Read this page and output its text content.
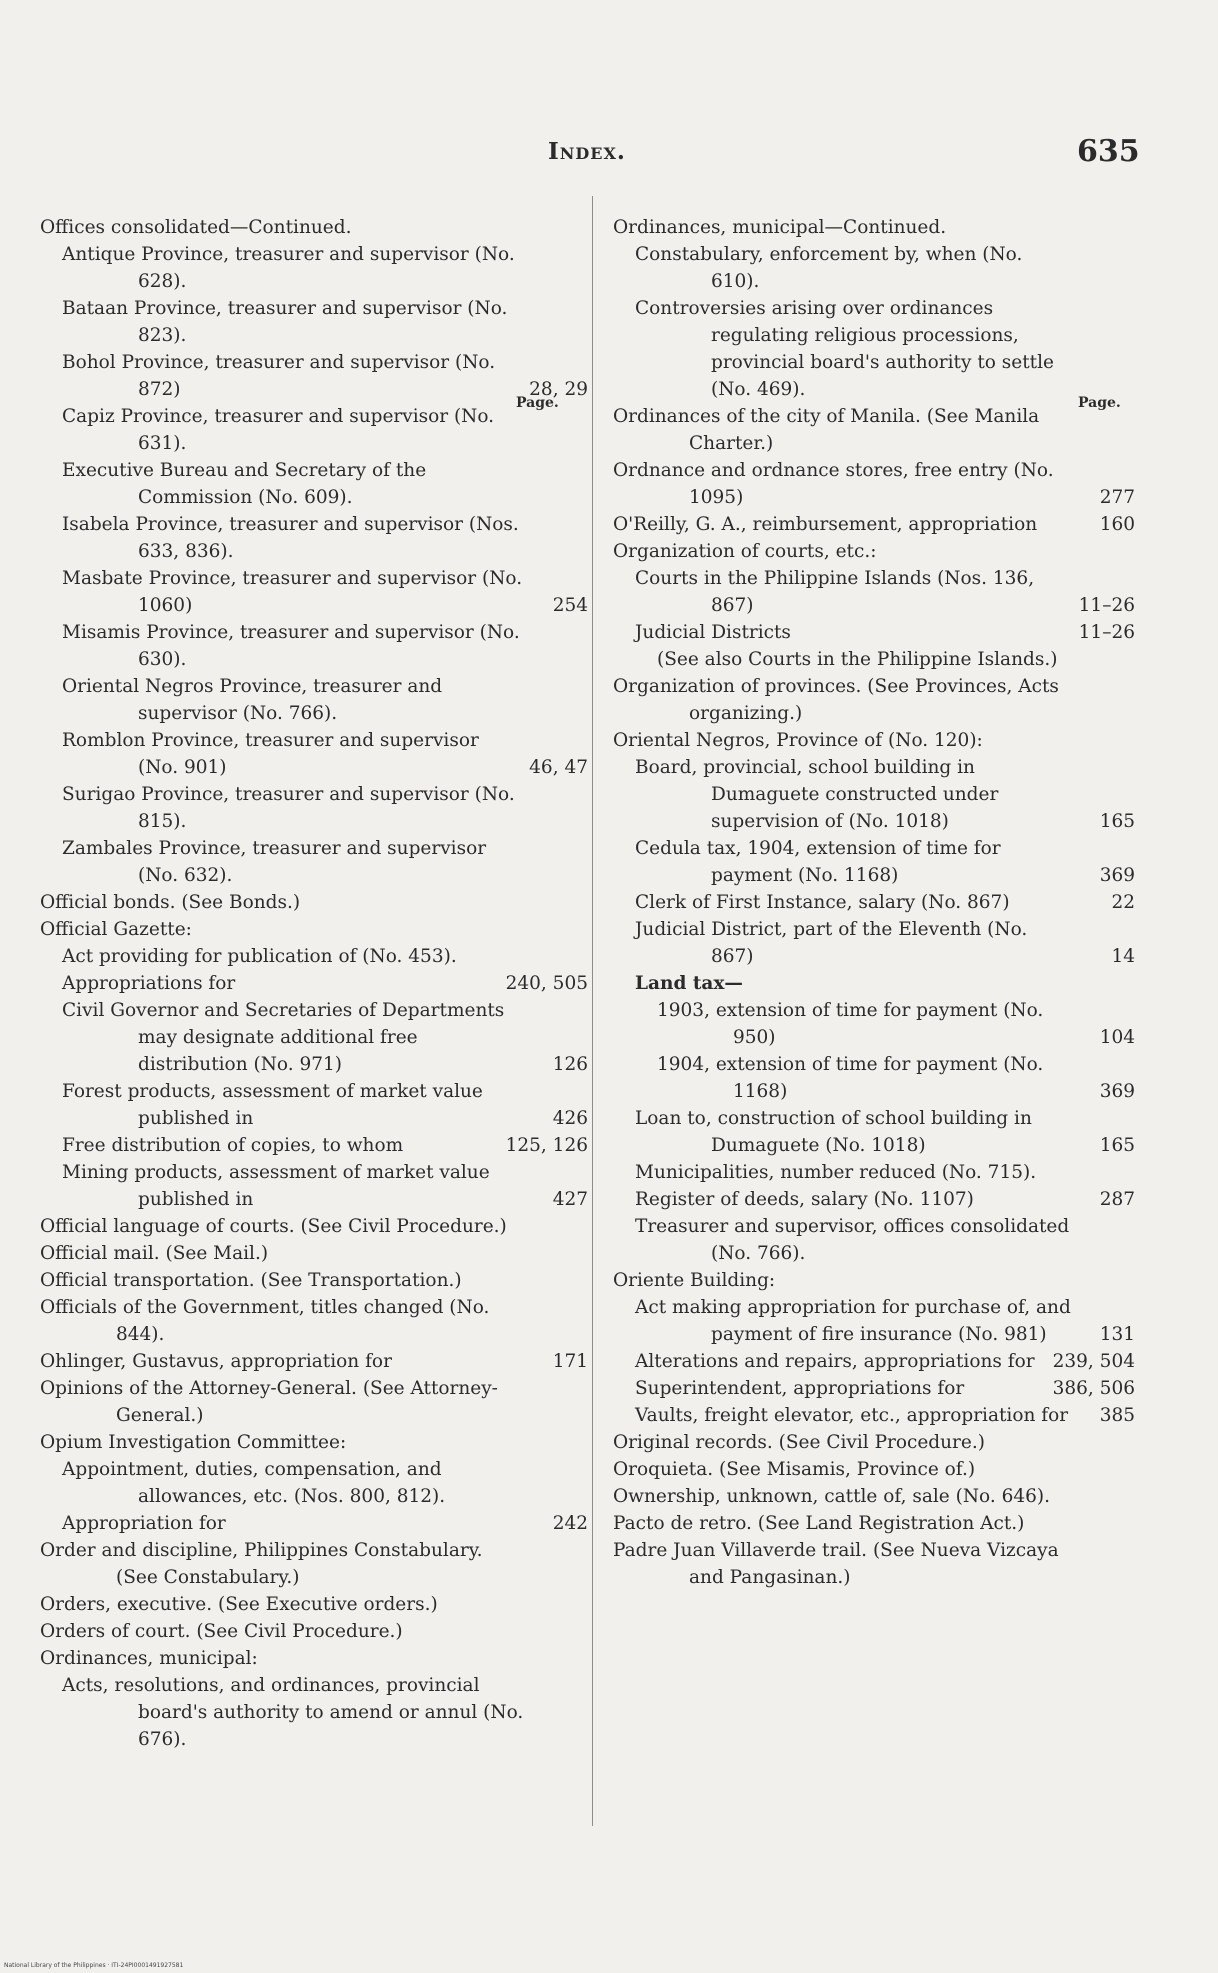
Index.	635
Page.
Offices consolidated—Continued.
Antique Province, treasurer and supervisor (No. 628).
Bataan Province, treasurer and supervisor (No. 823).
Bohol Province, treasurer and supervisor (No. 872)	28, 29
Capiz Province, treasurer and supervisor (No. 631).
Executive Bureau and Secretary of the Commission (No. 609).
Isabela Province, treasurer and supervisor (Nos. 633, 836).
Masbate Province, treasurer and supervisor (No. 1060)	254
Misamis Province, treasurer and supervisor (No. 630).
Oriental Negros Province, treasurer and supervisor (No. 766).
Romblon Province, treasurer and supervisor (No. 901)	46, 47
Surigao Province, treasurer and supervisor (No. 815).
Zambales Province, treasurer and supervisor (No. 632).
Official bonds. (See Bonds.)
Official Gazette:
Act providing for publication of (No. 453).
Appropriations for	240, 505
Civil Governor and Secretaries of Departments may designate additional free distribution (No. 971)	126
Forest products, assessment of market value published in	426
Free distribution of copies, to whom	125, 126
Mining products, assessment of market value published in	427
Official language of courts. (See Civil Procedure.)
Official mail. (See Mail.)
Official transportation. (See Transportation.)
Officials of the Government, titles changed (No. 844).
Ohlinger, Gustavus, appropriation for	171
Opinions of the Attorney-General. (See Attorney-General.)
Opium Investigation Committee:
Appointment, duties, compensation, and allowances, etc. (Nos. 800, 812).
Appropriation for	242
Order and discipline, Philippines Constabulary. (See Constabulary.)
Orders, executive. (See Executive orders.)
Orders of court. (See Civil Procedure.)
Ordinances, municipal:
Acts, resolutions, and ordinances, provincial board's authority to amend or annul (No. 676).
Page.
Ordinances, municipal—Continued.
Constabulary, enforcement by, when (No. 610).
Controversies arising over ordinances regulating religious processions, provincial board's authority to settle (No. 469).
Ordinances of the city of Manila. (See Manila Charter.)
Ordnance and ordnance stores, free entry (No. 1095)	277
O'Reilly, G. A., reimbursement, appropriation	160
Organization of courts, etc.:
Courts in the Philippine Islands (Nos. 136, 867)	11–26
Judicial Districts	11–26
(See also Courts in the Philippine Islands.)
Organization of provinces. (See Provinces, Acts organizing.)
Oriental Negros, Province of (No. 120):
Board, provincial, school building in Dumaguete constructed under supervision of (No. 1018)	165
Cedula tax, 1904, extension of time for payment (No. 1168)	369
Clerk of First Instance, salary (No. 867)	22
Judicial District, part of the Eleventh (No. 867)	14
Land tax—
1903, extension of time for payment (No. 950)	104
1904, extension of time for payment (No. 1168)	369
Loan to, construction of school building in Dumaguete (No. 1018)	165
Municipalities, number reduced (No. 715).
Register of deeds, salary (No. 1107)	287
Treasurer and supervisor, offices consolidated (No. 766).
Oriente Building:
Act making appropriation for purchase of, and payment of fire insurance (No. 981)	131
Alterations and repairs, appropriations for 239, 504
Superintendent, appropriations for	386, 506
Vaults, freight elevator, etc., appropriation for 385
Original records. (See Civil Procedure.)
Oroquieta. (See Misamis, Province of.)
Ownership, unknown, cattle of, sale (No. 646).
Pacto de retro. (See Land Registration Act.)
Padre Juan Villaverde trail. (See Nueva Vizcaya and Pangasinan.)
National Library of the Philippines · ITI-24PI0001491927581
